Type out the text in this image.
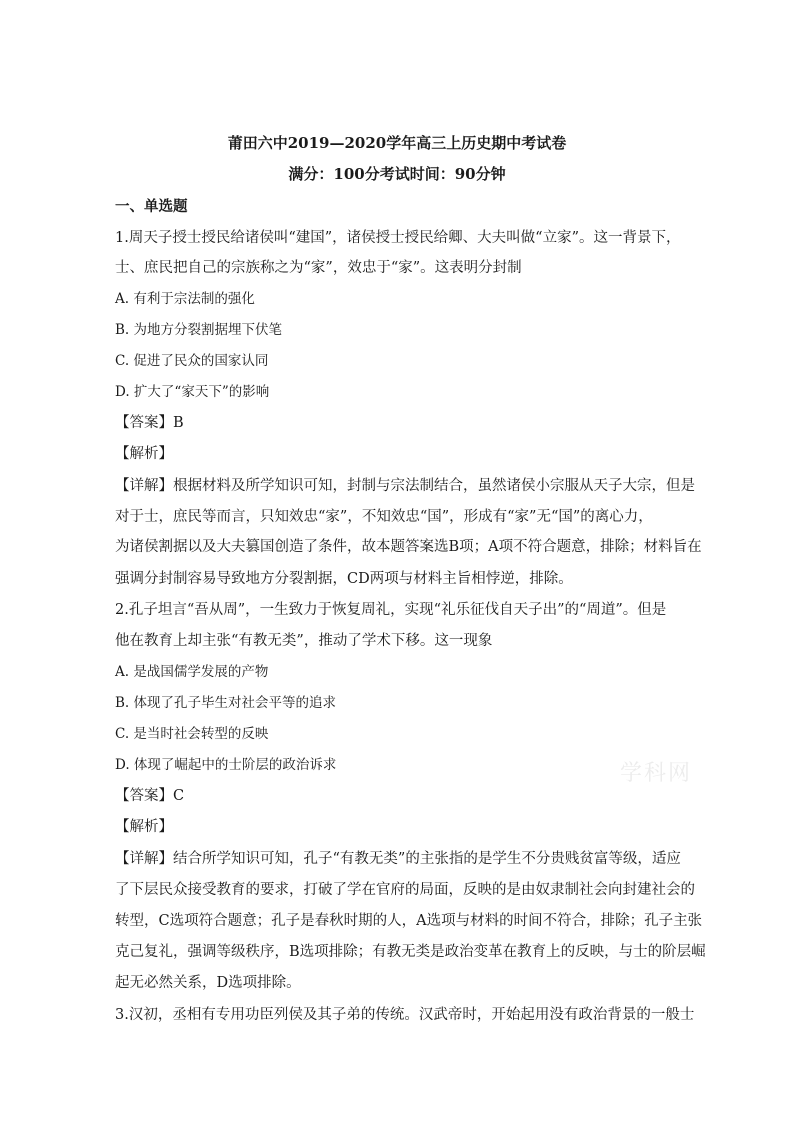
莆田六中2019—2020学年高三上历史期中考试卷
满分：100分考试时间：90分钟
一、单选题
1.周天子授士授民给诸侯叫“建国”，诸侯授士授民给卿、大夫叫做“立家”。这一背景下，
士、庶民把自己的宗族称之为“家”，效忠于“家”。这表明分封制
A. 有利于宗法制的强化
B. 为地方分裂割据埋下伏笔
C. 促进了民众的国家认同
D. 扩大了“家天下”的影响
【答案】B
【解析】
【详解】根据材料及所学知识可知，封制与宗法制结合，虽然诸侯小宗服从天子大宗，但是
对于士，庶民等而言，只知效忠“家”，不知效忠“国”，形成有“家”无“国”的离心力，
为诸侯割据以及大夫篡国创造了条件，故本题答案选B项；A项不符合题意，排除；材料旨在
强调分封制容易导致地方分裂割据，CD两项与材料主旨相悖逆，排除。
2.孔子坦言“吾从周”，一生致力于恢复周礼，实现“礼乐征伐自天子出”的“周道”。但是
他在教育上却主张“有教无类”，推动了学术下移。这一现象
A. 是战国儒学发展的产物
B. 体现了孔子毕生对社会平等的追求
C. 是当时社会转型的反映
D. 体现了崛起中的士阶层的政治诉求
【答案】C
【解析】
【详解】结合所学知识可知，孔子“有教无类”的主张指的是学生不分贵贱贫富等级，适应
了下层民众接受教育的要求，打破了学在官府的局面，反映的是由奴隶制社会向封建社会的
转型，C选项符合题意；孔子是春秋时期的人，A选项与材料的时间不符合，排除；孔子主张
克己复礼，强调等级秩序，B选项排除；有教无类是政治变革在教育上的反映，与士的阶层崛
起无必然关系，D选项排除。
3.汉初，丞相有专用功臣列侯及其子弟的传统。汉武帝时，开始起用没有政治背景的一般士
学科网
